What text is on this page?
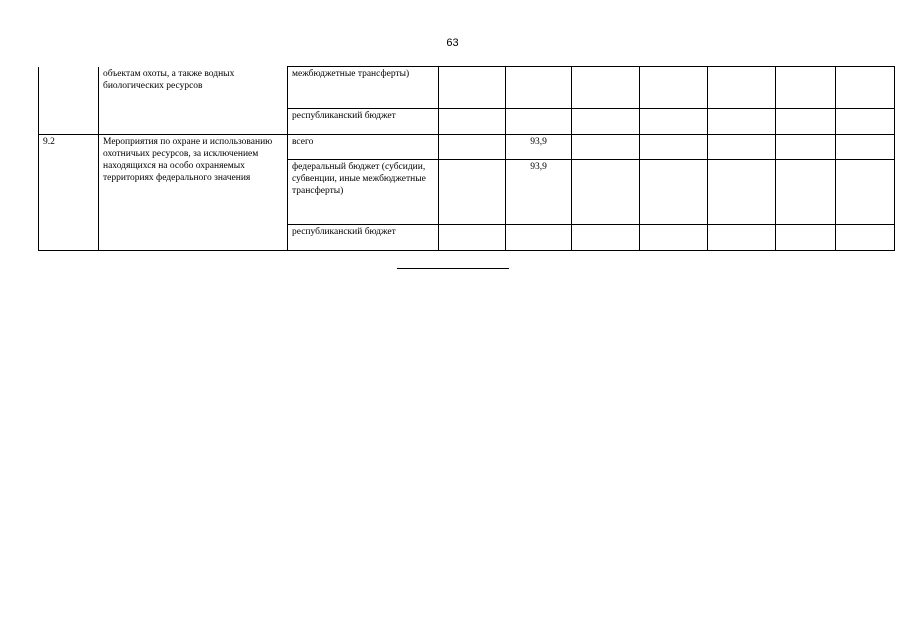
63
	объектам охоты, а также водных биологических ресурсов	межбюджетные трансферты)							
		республиканский бюджет							
9.2	Мероприятия по охране и использованию охотничьих ресурсов, за исключением находящихся на особо охраняемых территориях федерального значения	всего		93,9					
		федеральный бюджет (субсидии, субвенции, иные межбюджетные трансферты)		93,9					
		республиканский бюджет							
